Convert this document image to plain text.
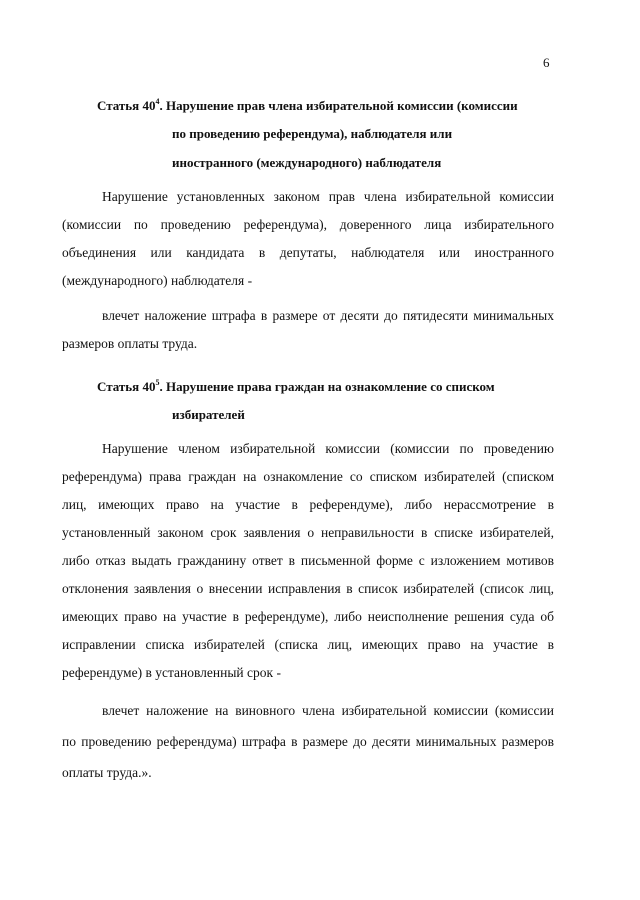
6
Статья $40^4$. Нарушение прав члена избирательной комиссии (комиссии
по проведению референдума), наблюдателя или
иностранного (международного) наблюдателя
Нарушение установленных законом прав члена избирательной комиссии
(комиссии по проведению референдума), доверенного лица избирательного
объединения или кандидата в депутаты, наблюдателя или иностранного
(международного) наблюдателя -
влечет наложение штрафа в размере от десяти до пятидесяти минимальных
размеров оплаты труда.
Статья $40^5$. Нарушение права граждан на ознакомление со списком
избирателей
Нарушение членом избирательной комиссии (комиссии по проведению
референдума) права граждан на ознакомление со списком избирателей (списком
лиц, имеющих право на участие в референдуме), либо нерассмотрение в
установленный законом срок заявления о неправильности в списке избирателей,
либо отказ выдать гражданину ответ в письменной форме с изложением мотивов
отклонения заявления о внесении исправления в список избирателей (список лиц,
имеющих право на участие в референдуме), либо неисполнение решения суда об
исправлении списка избирателей (списка лиц, имеющих право на участие в
референдуме) в установленный срок -
влечет наложение на виновного члена избирательной комиссии (комиссии
по проведению референдума) штрафа в размере до десяти минимальных размеров
оплаты труда.».
